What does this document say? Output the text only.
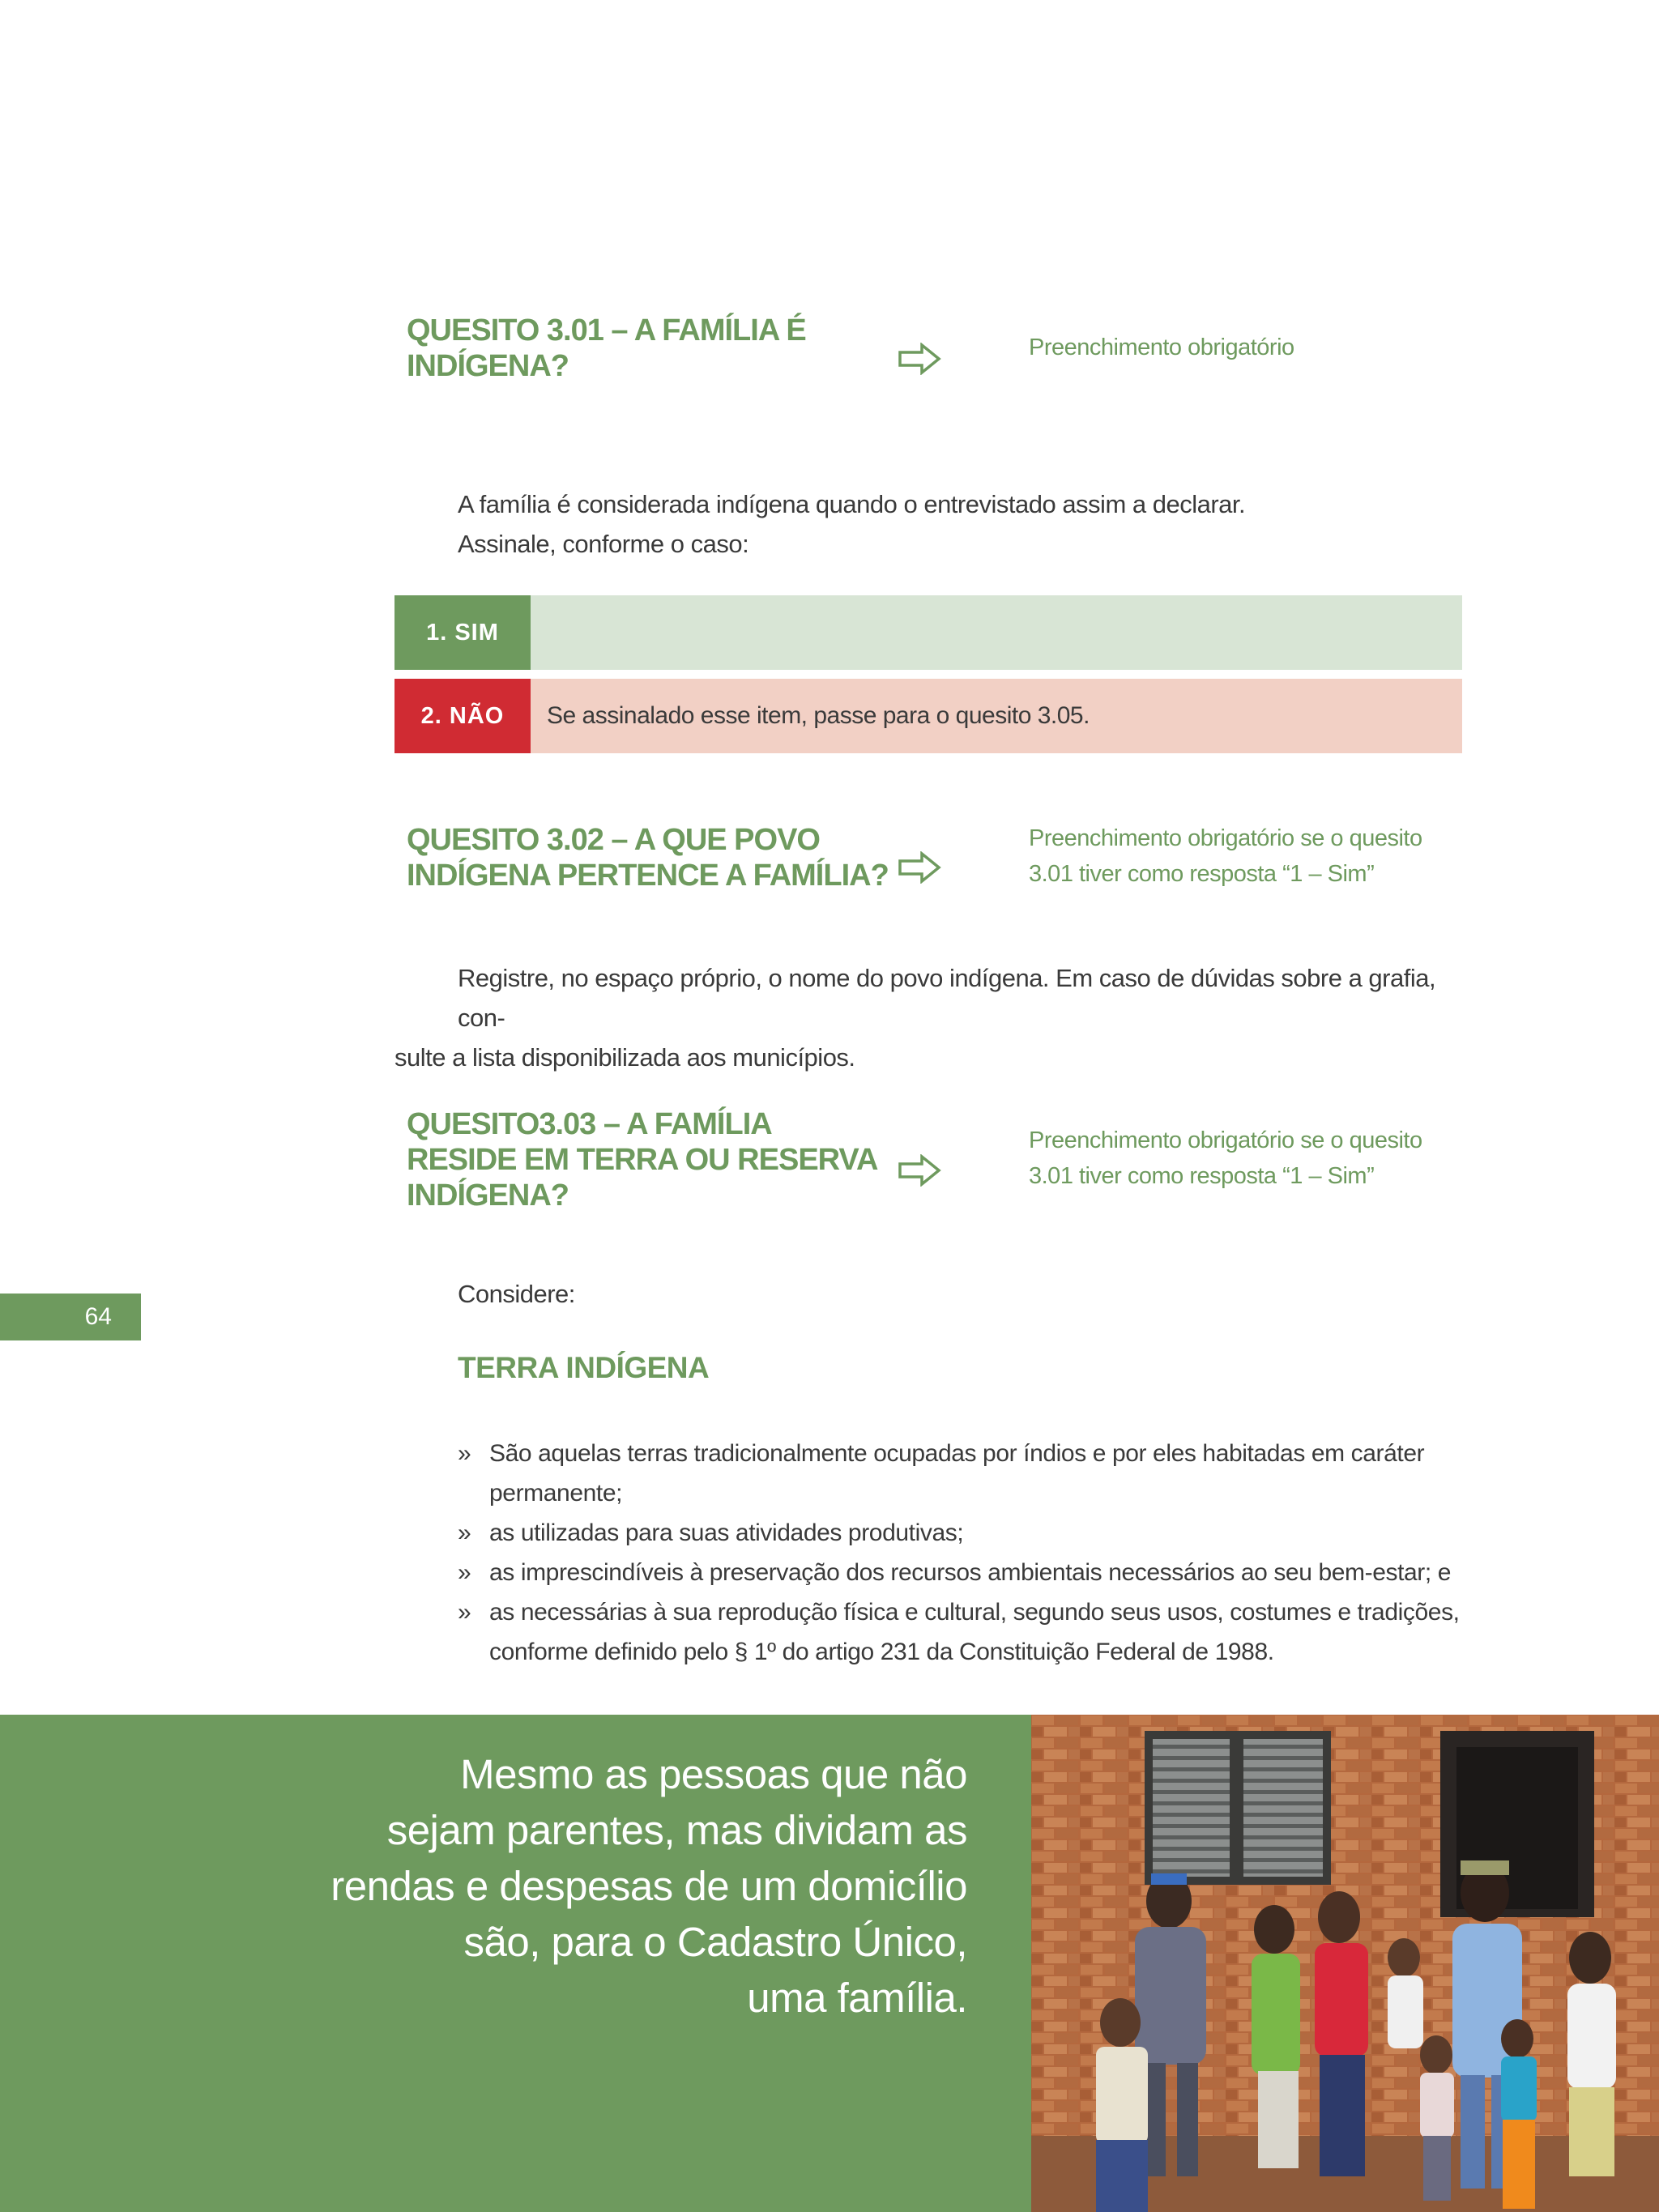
QUESITO 3.01 – A FAMÍLIA É
INDÍGENA?
Preenchimento obrigatório
A família é considerada indígena quando o entrevistado assim a declarar.
Assinale, conforme o caso:
1. SIM
2. NÃO	Se assinalado esse item, passe para o quesito 3.05.
QUESITO 3.02 – A QUE POVO
INDÍGENA PERTENCE A FAMÍLIA?
Preenchimento obrigatório se o quesito
3.01 tiver como resposta “1 – Sim”
Registre, no espaço próprio, o nome do povo indígena. Em caso de dúvidas sobre a grafia, con-
sulte a lista disponibilizada aos municípios.
QUESITO3.03 – A FAMÍLIA
RESIDE EM TERRA OU RESERVA
INDÍGENA?
Preenchimento obrigatório se o quesito
3.01 tiver como resposta “1 – Sim”
Considere:
TERRA INDÍGENA
» São aquelas terras tradicionalmente ocupadas por índios e por eles habitadas em caráter
permanente;
» as utilizadas para suas atividades produtivas;
» as imprescindíveis à preservação dos recursos ambientais necessários ao seu bem-estar; e
» as necessárias à sua reprodução física e cultural, segundo seus usos, costumes e tradições,
conforme definido pelo § 1º do artigo 231 da Constituição Federal de 1988.
64
Mesmo as pessoas que não
sejam parentes, mas dividam as
rendas e despesas de um domicílio
são, para o Cadastro Único,
uma família.
